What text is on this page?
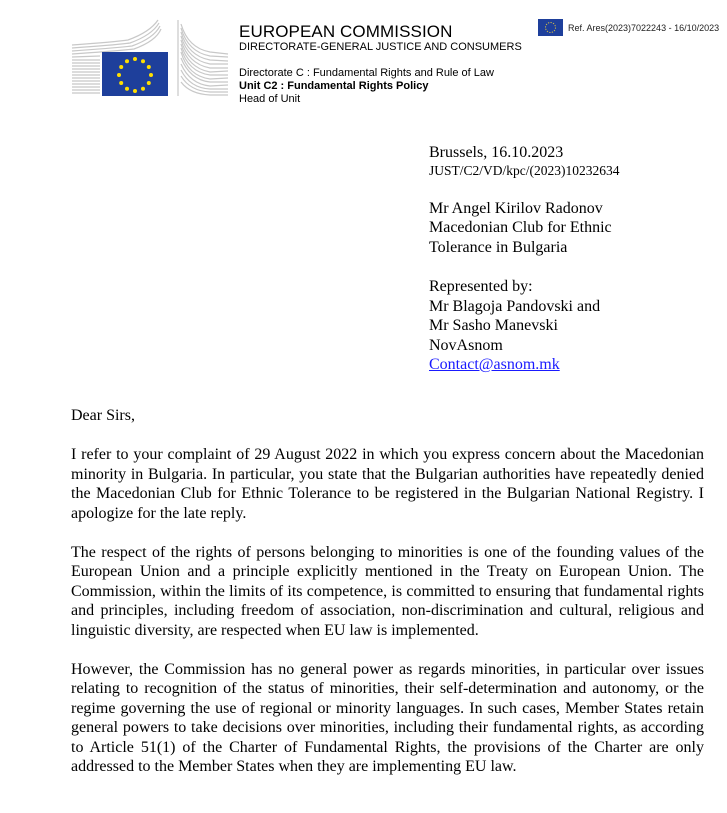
EUROPEAN COMMISSION
DIRECTORATE-GENERAL JUSTICE AND CONSUMERS
Directorate C : Fundamental Rights and Rule of Law
Unit C2 : Fundamental Rights Policy
Head of Unit
Ref. Ares(2023)7022243 - 16/10/2023
Brussels, 16.10.2023
JUST/C2/VD/kpc/(2023)10232634
Mr Angel Kirilov Radonov
Macedonian Club for Ethnic
Tolerance in Bulgaria
Represented by:
Mr Blagoja Pandovski and
Mr Sasho Manevski
NovAsnom
Contact@asnom.mk

Dear Sirs,

I refer to your complaint of 29 August 2022 in which you express concern about the Macedonian minority in Bulgaria. In particular, you state that the Bulgarian authorities have repeatedly denied the Macedonian Club for Ethnic Tolerance to be registered in the Bulgarian National Registry. I apologize for the late reply.

The respect of the rights of persons belonging to minorities is one of the founding values of the European Union and a principle explicitly mentioned in the Treaty on European Union. The Commission, within the limits of its competence, is committed to ensuring that fundamental rights and principles, including freedom of association, non-discrimination and cultural, religious and linguistic diversity, are respected when EU law is implemented.

However, the Commission has no general power as regards minorities, in particular over issues relating to recognition of the status of minorities, their self-determination and autonomy, or the regime governing the use of regional or minority languages. In such cases, Member States retain general powers to take decisions over minorities, including their fundamental rights, as according to Article 51(1) of the Charter of Fundamental Rights, the provisions of the Charter are only addressed to the Member States when they are implementing EU law.
